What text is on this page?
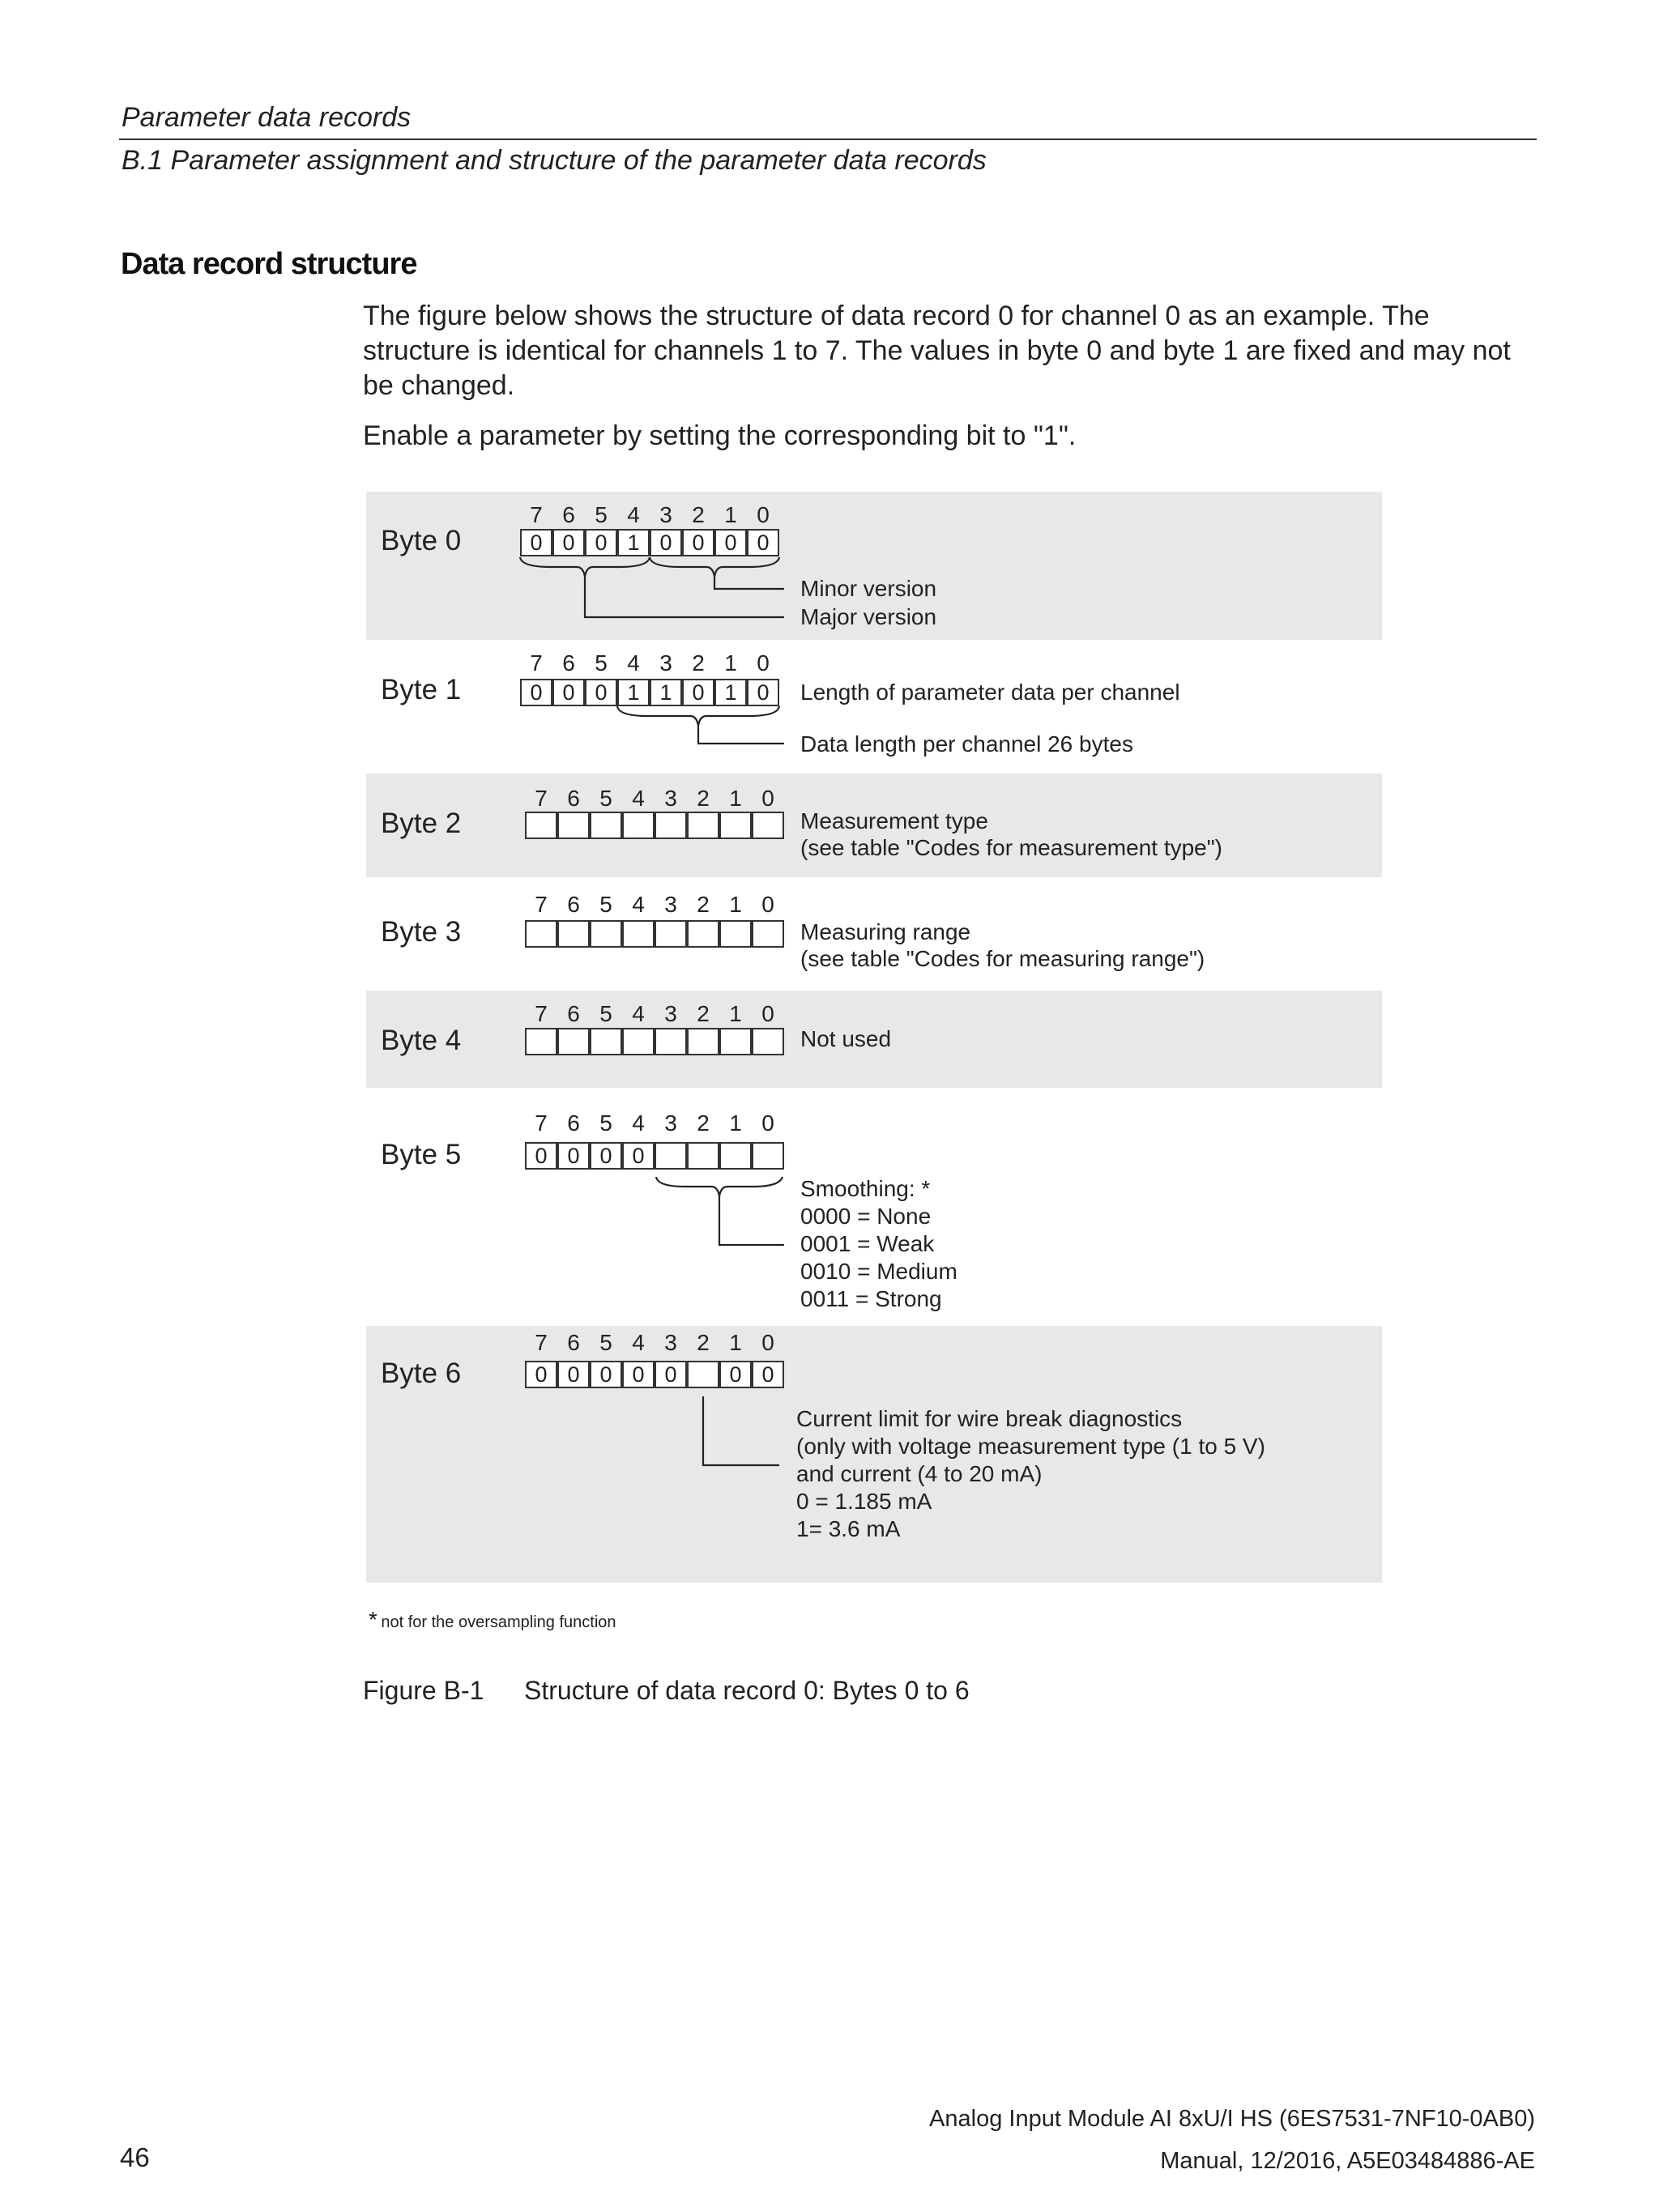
Parameter data records
B.1 Parameter assignment and structure of the parameter data records
Data record structure
The figure below shows the structure of data record 0 for channel 0 as an example. The structure is identical for channels 1 to 7. The values in byte 0 and byte 1 are fixed and may not be changed.
Enable a parameter by setting the corresponding bit to "1".
Byte 0
7
0
6
0
5
0
4
1
3
0
2
0
1
0
0
0
Minor version
Major version
Byte 1
7
0
6
0
5
0
4
1
3
1
2
0
1
1
0
0	Length of parameter data per channel
Data length per channel 26 bytes
Byte 2
7 6 5 4 3 2 1 0
Measurement type
(see table "Codes for measurement type")
Byte 3
7 6 5 4 3 2 1 0
Measuring range
(see table "Codes for measuring range")
Byte 4
7 6 5 4 3 2 1 0
Not used
Byte 5
7
0
6
0
5
0
4
0
3 2 1 0
Smoothing: *
0000 = None
0001 = Weak
0010 = Medium
0011 = Strong
Byte 6
7
0
6
0
5
0
4
0
3
0
2 1
0
0
0
Current limit for wire break diagnostics
(only with voltage measurement type (1 to 5 V)
and current (4 to 20 mA)
0 = 1.185 mA
1= 3.6 mA
* not for the oversampling function
Figure B-1 Structure of data record 0: Bytes 0 to 6
Analog Input Module AI 8xU/I HS (6ES7531-7NF10-0AB0)
46	Manual, 12/2016, A5E03484886-AE
